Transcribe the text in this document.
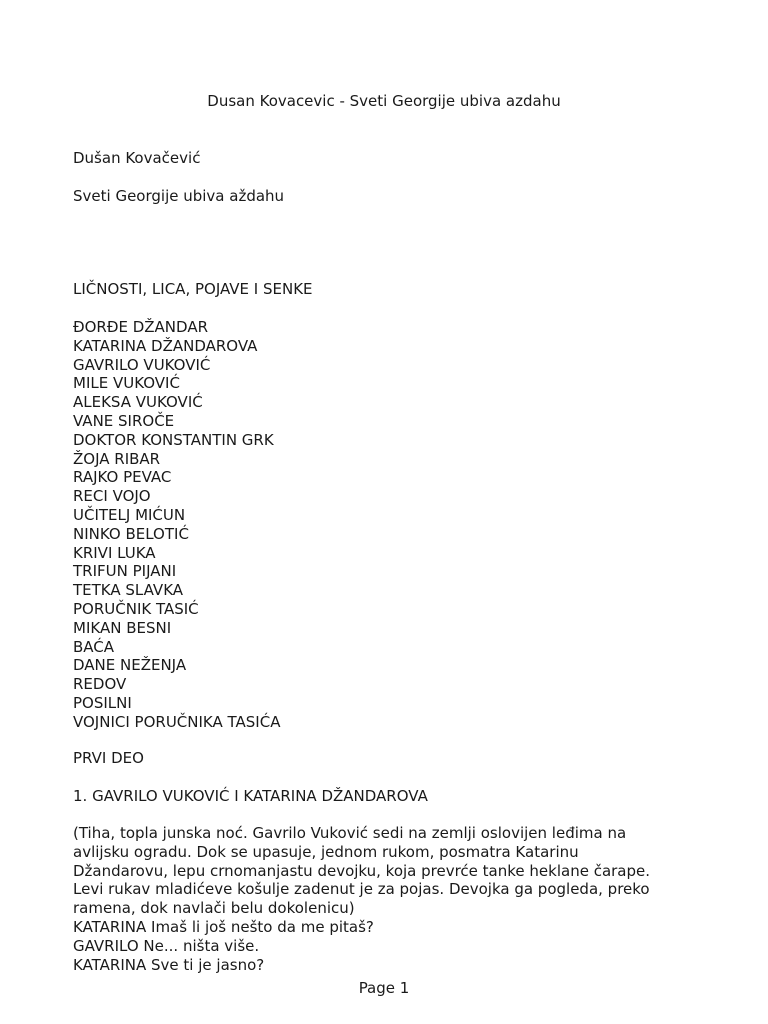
Dusan Kovacevic - Sveti Georgije ubiva azdahu
Dušan Kovačević
Sveti Georgije ubiva aždahu
LIČNOSTI, LICA, POJAVE I SENKE
ĐORĐE DŽANDAR
KATARINA DŽANDAROVA
GAVRILO VUKOVIĆ
MILE VUKOVIĆ
ALEKSA VUKOVIĆ
VANE SIROČE
DOKTOR KONSTANTIN GRK
ŽOJA RIBAR
RAJKO PEVAC
RECI VOJO
UČITELJ MIĆUN
NINKO BELOTIĆ
KRIVI LUKA
TRIFUN PIJANI
TETKA SLAVKA
PORUČNIK TASIĆ
MIKAN BESNI
BAĆA
DANE NEŽENJA
REDOV
POSILNI
VOJNICI PORUČNIKA TASIĆA
PRVI DEO
1. GAVRILO VUKOVIĆ I KATARINA DŽANDAROVA
(Tiha, topla junska noć. Gavrilo Vuković sedi na zemlji oslovijen leđima na
avlijsku ogradu. Dok se upasuje, jednom rukom, posmatra Katarinu
Džandarovu, lepu crnomanjastu devojku, koja prevrće tanke heklane čarape.
Levi rukav mladićeve košulje zadenut je za pojas. Devojka ga pogleda, preko
ramena, dok navlači belu dokolenicu)
KATARINA Imaš li još nešto da me pitaš?
GAVRILO Ne... ništa više.
KATARINA Sve ti je jasno?
Page 1
